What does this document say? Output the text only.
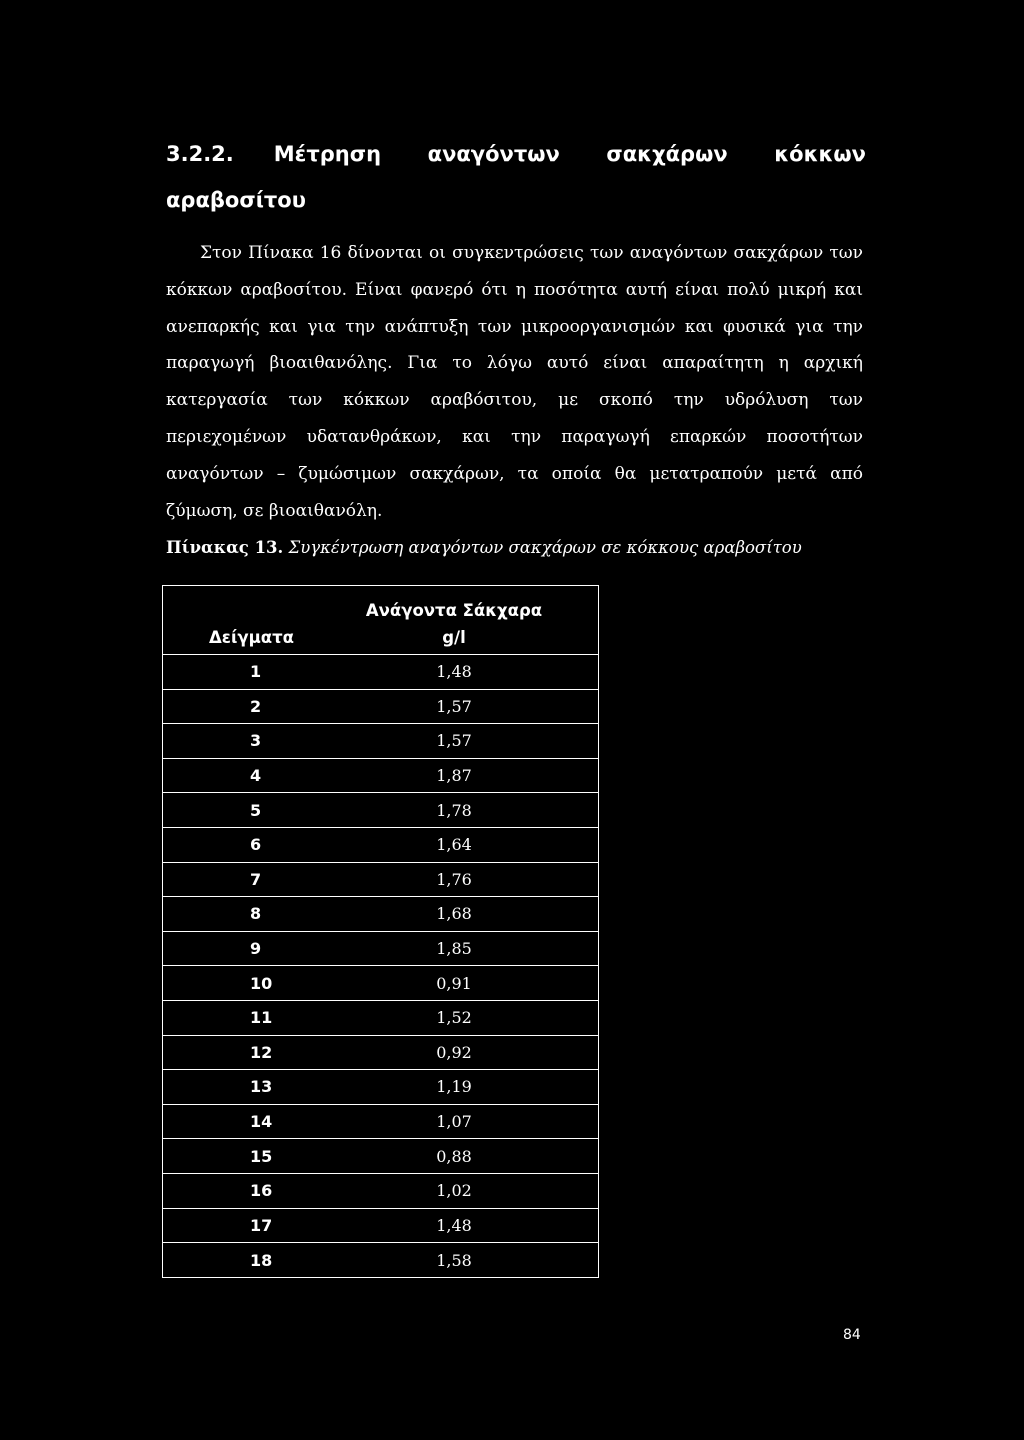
3.2.2. Μέτρηση αναγόντων σακχάρων κόκκων
αραβοσίτου

Στον Πίνακα 16 δίνονται οι συγκεντρώσεις των αναγόντων σακχάρων των κόκκων αραβοσίτου. Είναι φανερό ότι η ποσότητα αυτή είναι πολύ μικρή και ανεπαρκής και για την ανάπτυξη των μικροοργανισμών και φυσικά για την παραγωγή βιοαιθανόλης. Για το λόγω αυτό είναι απαραίτητη η αρχική κατεργασία των κόκκων αραβόσιτου, με σκοπό την υδρόλυση των περιεχομένων υδατανθράκων, και την παραγωγή επαρκών ποσοτήτων αναγόντων – ζυμώσιμων σακχάρων, τα οποία θα μετατραπούν μετά από ζύμωση, σε βιοαιθανόλη.

Πίνακας 13. Συγκέντρωση αναγόντων σακχάρων σε κόκκους αραβοσίτου
	Ανάγοντα Σάκχαρα
Δείγματα	g/l
1	1,48
2	1,57
3	1,57
4	1,87
5	1,78
6	1,64
7	1,76
8	1,68
9	1,85
10	0,91
11	1,52
12	0,92
13	1,19
14	1,07
15	0,88
16	1,02
17	1,48
18	1,58
84
